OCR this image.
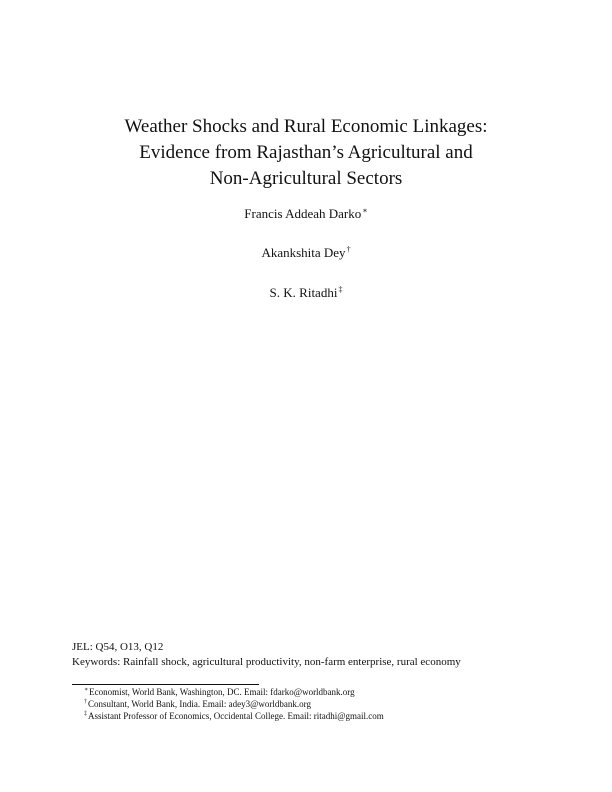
Weather Shocks and Rural Economic Linkages:
Evidence from Rajasthan’s Agricultural and
Non-Agricultural Sectors
Francis Addeah Darko∗
Akankshita Dey†
S. K. Ritadhi‡
JEL: Q54, O13, Q12
Keywords: Rainfall shock, agricultural productivity, non-farm enterprise, rural economy
∗Economist, World Bank, Washington, DC. Email: fdarko@worldbank.org
†Consultant, World Bank, India. Email: adey3@worldbank.org
‡Assistant Professor of Economics, Occidental College. Email: ritadhi@gmail.com
